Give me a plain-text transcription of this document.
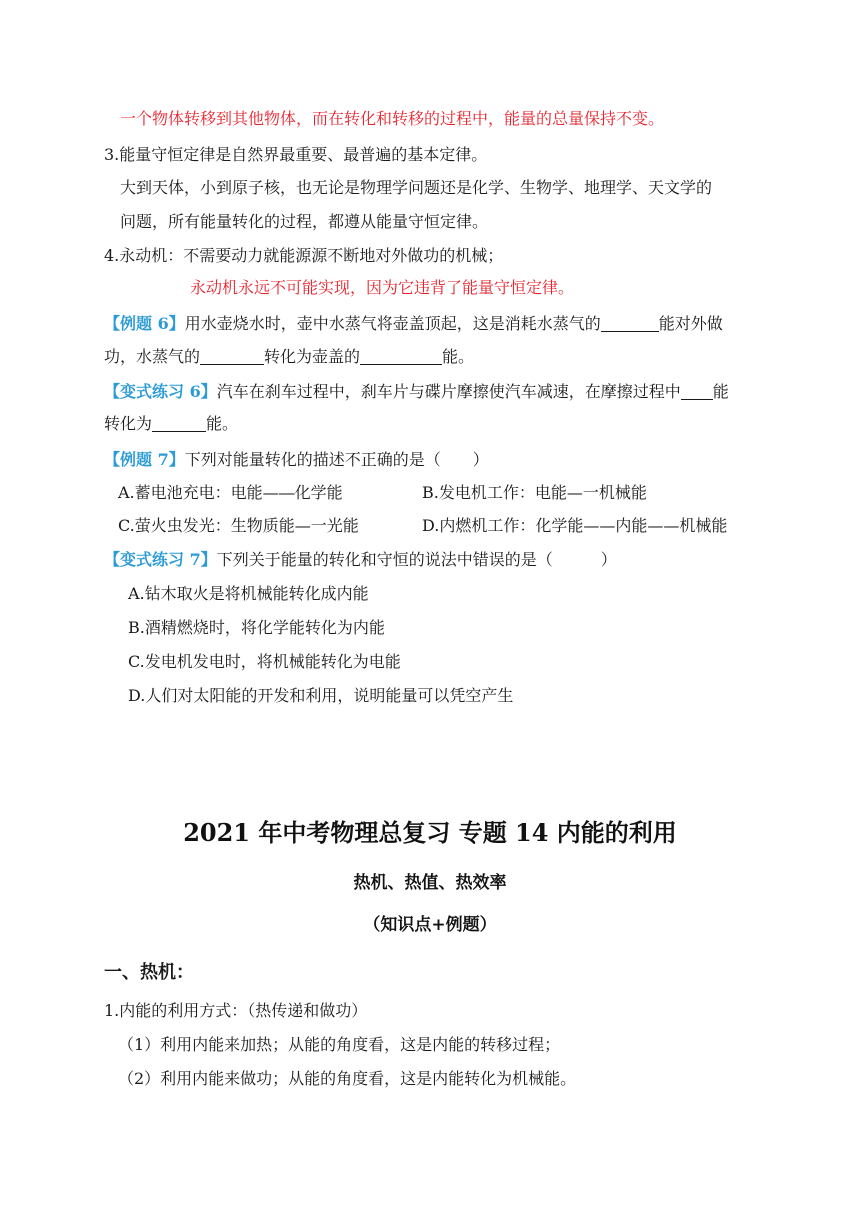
一个物体转移到其他物体，而在转化和转移的过程中，能量的总量保持不变。
3.能量守恒定律是自然界最重要、最普遍的基本定律。
大到天体，小到原子核，也无论是物理学问题还是化学、生物学、地理学、天文学的
问题，所有能量转化的过程，都遵从能量守恒定律。
4.永动机：不需要动力就能源源不断地对外做功的机械；
永动机永远不可能实现，因为它违背了能量守恒定律。
【例题 6】用水壶烧水时，壶中水蒸气将壶盖顶起，这是消耗水蒸气的	能对外做
功，水蒸气的	转化为壶盖的	能。
【变式练习 6】汽车在刹车过程中，刹车片与碟片摩擦使汽车减速，在摩擦过程中 能
转化为	能。
【例题 7】下列对能量转化的描述不正确的是（　　）
A.蓄电池充电：电能—―化学能	B.发电机工作：电能—一机械能
C.萤火虫发光：生物质能—一光能	D.内燃机工作：化学能——内能——机械能
【变式练习 7】下列关于能量的转化和守恒的说法中错误的是（　　　）
A.钻木取火是将机械能转化成内能
B.酒精燃烧时，将化学能转化为内能
C.发电机发电时，将机械能转化为电能
D.人们对太阳能的开发和利用，说明能量可以凭空产生
2021 年中考物理总复习 专题 14 内能的利用
热机、热值、热效率
（知识点+例题）
一、热机：
1.内能的利用方式：（热传递和做功）
（1）利用内能来加热；从能的角度看，这是内能的转移过程；
（2）利用内能来做功；从能的角度看，这是内能转化为机械能。
